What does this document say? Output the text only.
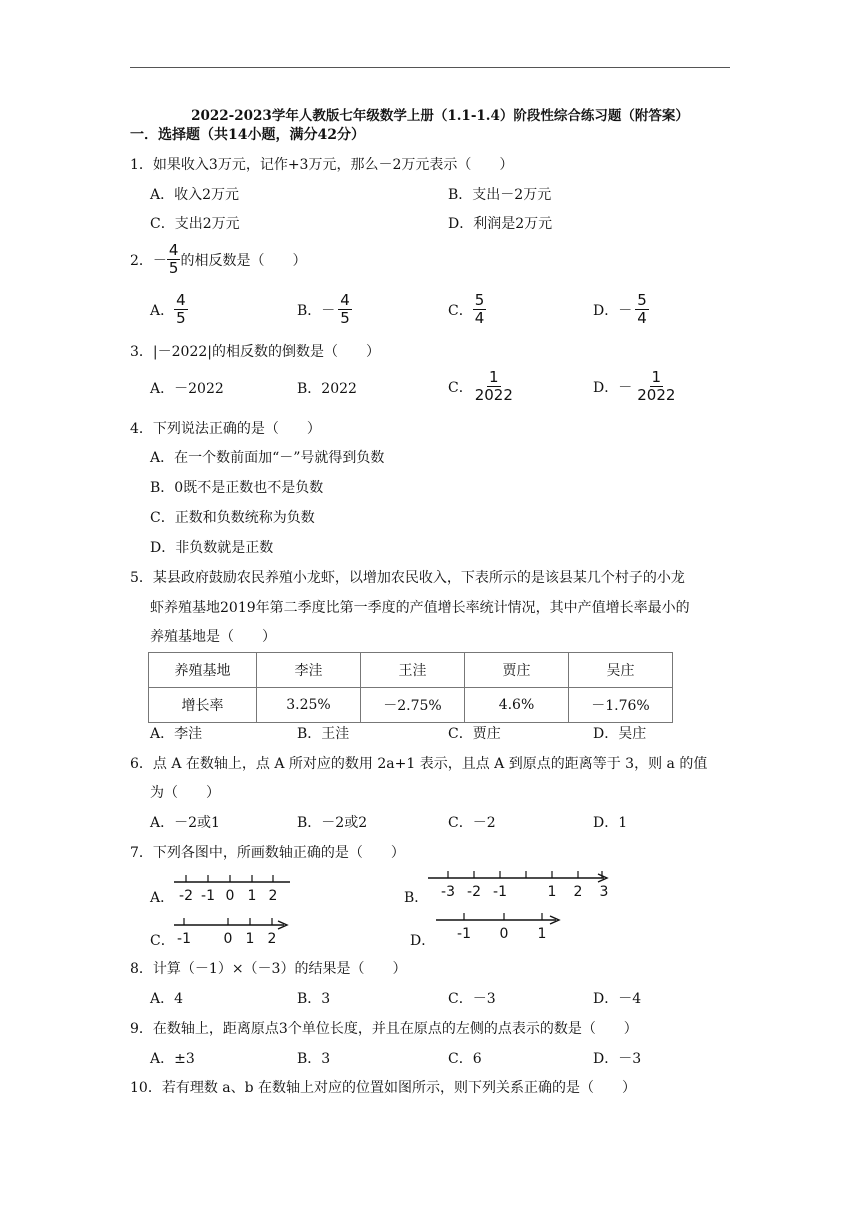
2022-2023学年人教版七年级数学上册（1.1-1.4）阶段性综合练习题（附答案）
一．选择题（共14小题，满分42分）
1．如果收入3万元，记作+3万元，那么－2万元表示（　　）
A．收入2万元	B．支出－2万元
C．支出2万元	D．利润是2万元
2．－ $\frac{4}{5}$ 的相反数是（　　）
A． $\frac{4}{5}$	B． － $\frac{4}{5}$	C． $\frac{5}{4}$	D． － $\frac{5}{4}$
3．|－2022|的相反数的倒数是（　　）
A．－2022	B．2022	C． $\frac{1}{2022}$	D． － $\frac{1}{2022}$
4．下列说法正确的是（　　）
A．在一个数前面加“－”号就得到负数
B．0既不是正数也不是负数
C．正数和负数统称为负数
D．非负数就是正数
5．某县政府鼓励农民养殖小龙虾，以增加农民收入，下表所示的是该县某几个村子的小龙
虾养殖基地2019年第二季度比第一季度的产值增长率统计情况，其中产值增长率最小的
养殖基地是（　　）
养殖基地	李洼	王洼	贾庄	吴庄
增长率	3.25%	－2.75%	4.6%	－1.76%
A．李洼	B．王洼	C．贾庄	D．吴庄
6．点 A 在数轴上，点 A 所对应的数用 2a+1 表示，且点 A 到原点的距离等于 3，则 a 的值
为（　　）
A．－2或1	B．－2或2	C．－2	D．1
7．下列各图中，所画数轴正确的是（　　）
A． -2 -1 0 1 2	B． -3 -2 -1	1 2 3
C． -1 0 1 2	D． -1 0 1
8．计算（－1）×（－3）的结果是（　　）
A．4	B．3	C．－3	D．－4
9．在数轴上，距离原点3个单位长度，并且在原点的左侧的点表示的数是（　　）
A．±3	B．3	C．6	D．－3
10．若有理数 a、b 在数轴上对应的位置如图所示，则下列关系正确的是（　　）
